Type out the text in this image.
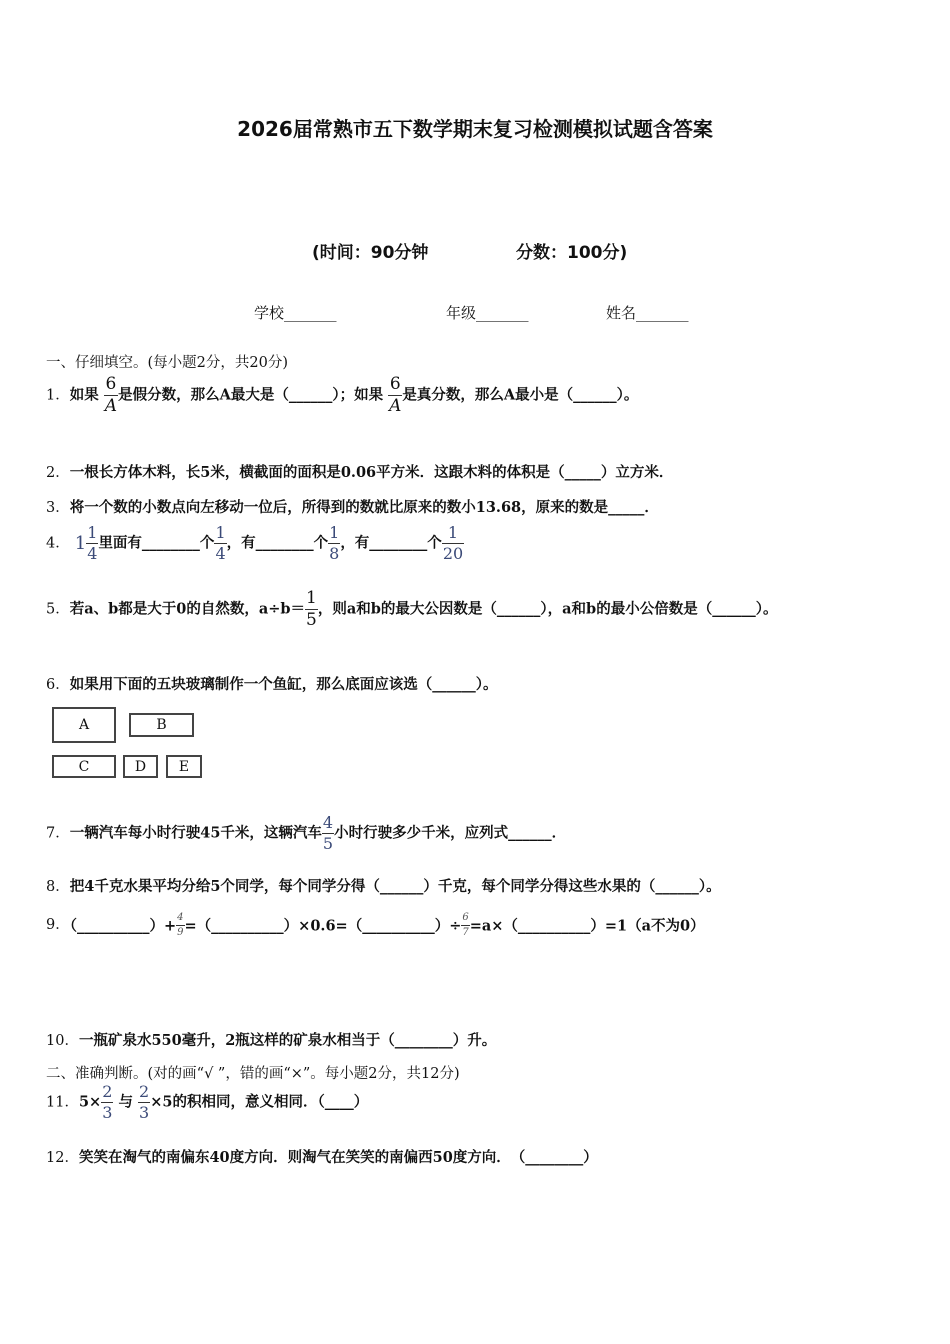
2026届常熟市五下数学期末复习检测模拟试题含答案
(时间：90分钟	分数：100分)
学校_______	年级_______	姓名_______
一、仔细填空。(每小题2分，共20分)
1．如果 $\frac{6}{A}$ 是假分数，那么A最大是（______）；如果 $\frac{6}{A}$ 是真分数，那么A最小是（______）。
2．一根长方体木料，长5米，横截面的面积是0.06平方米．这跟木料的体积是（_____）立方米．
3．将一个数的小数点向左移动一位后，所得到的数就比原来的数小13.68，原来的数是_____．
4． $1 \frac{1}{4}$ 里面有________个 $\frac{1}{4}$ ，有________个 $\frac{1}{8}$ ，有________个 $\frac{1}{20}$
5．若a、b都是大于0的自然数，$a\div b= \frac{1}{5}$ ，则a和b的最大公因数是（______），a和b的最小公倍数是（______）。
6．如果用下面的五块玻璃制作一个鱼缸，那么底面应该选（______）。
A	B
C	D	E
7．一辆汽车每小时行驶45千米，这辆汽车 $\frac{4}{5}$ 小时行驶多少千米，应列式______．
8．把4千克水果平均分给5个同学，每个同学分得（______）千克，每个同学分得这些水果的（______）。
9．（__________）+ $\frac{4}{9}$ =（__________）×0.6=（__________）÷ $\frac{6}{7}$ =a×（__________）=1（a不为0）
10．一瓶矿泉水550毫升，2瓶这样的矿泉水相当于（________）升。
二、准确判断。(对的画“√ ”，错的画“×”。每小题2分，共12分)
11．$5\times \frac{2}{3}$ 与 $\frac{2}{3} \times 5$的积相同，意义相同．（____）
12．笑笑在淘气的南偏东40度方向．则淘气在笑笑的南偏西50度方向．　（________）
